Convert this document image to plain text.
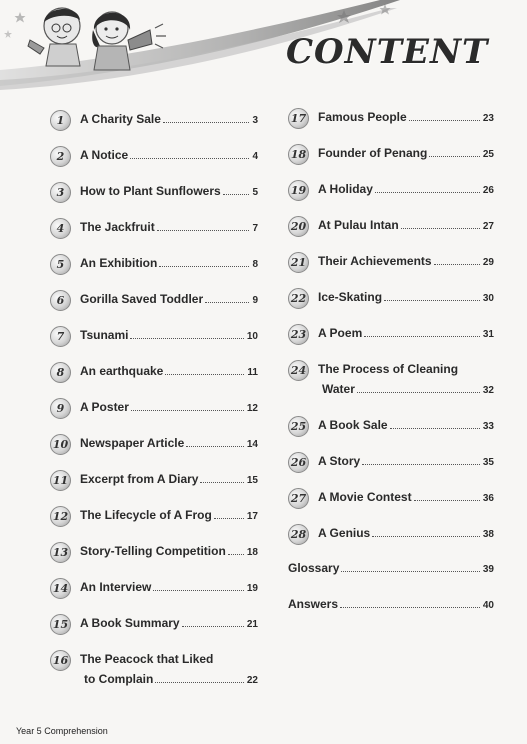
CONTENT
1	A Charity Sale	3
2	A Notice	4
3	How to Plant Sunflowers	5
4	The Jackfruit	7
5	An Exhibition	8
6	Gorilla Saved Toddler	9
7	Tsunami	10
8	An earthquake	11
9	A Poster	12
10 Newspaper Article	14
11 Excerpt from A Diary	15
12 The Lifecycle of A Frog	17
13 Story-Telling Competition 18
14 An Interview	19
15 A Book Summary	21
16 The Peacock that Liked
to Complain	22
17 Famous People	23
18 Founder of Penang	25
19 A Holiday	26
20 At Pulau Intan	27
21 Their Achievements	29
22 Ice-Skating	30
23 A Poem	31
24 The Process of Cleaning
Water	32
25 A Book Sale	33
26 A Story	35
27 A Movie Contest	36
28 A Genius	38
Glossary	39
Answers	40
Year 5 Comprehension
